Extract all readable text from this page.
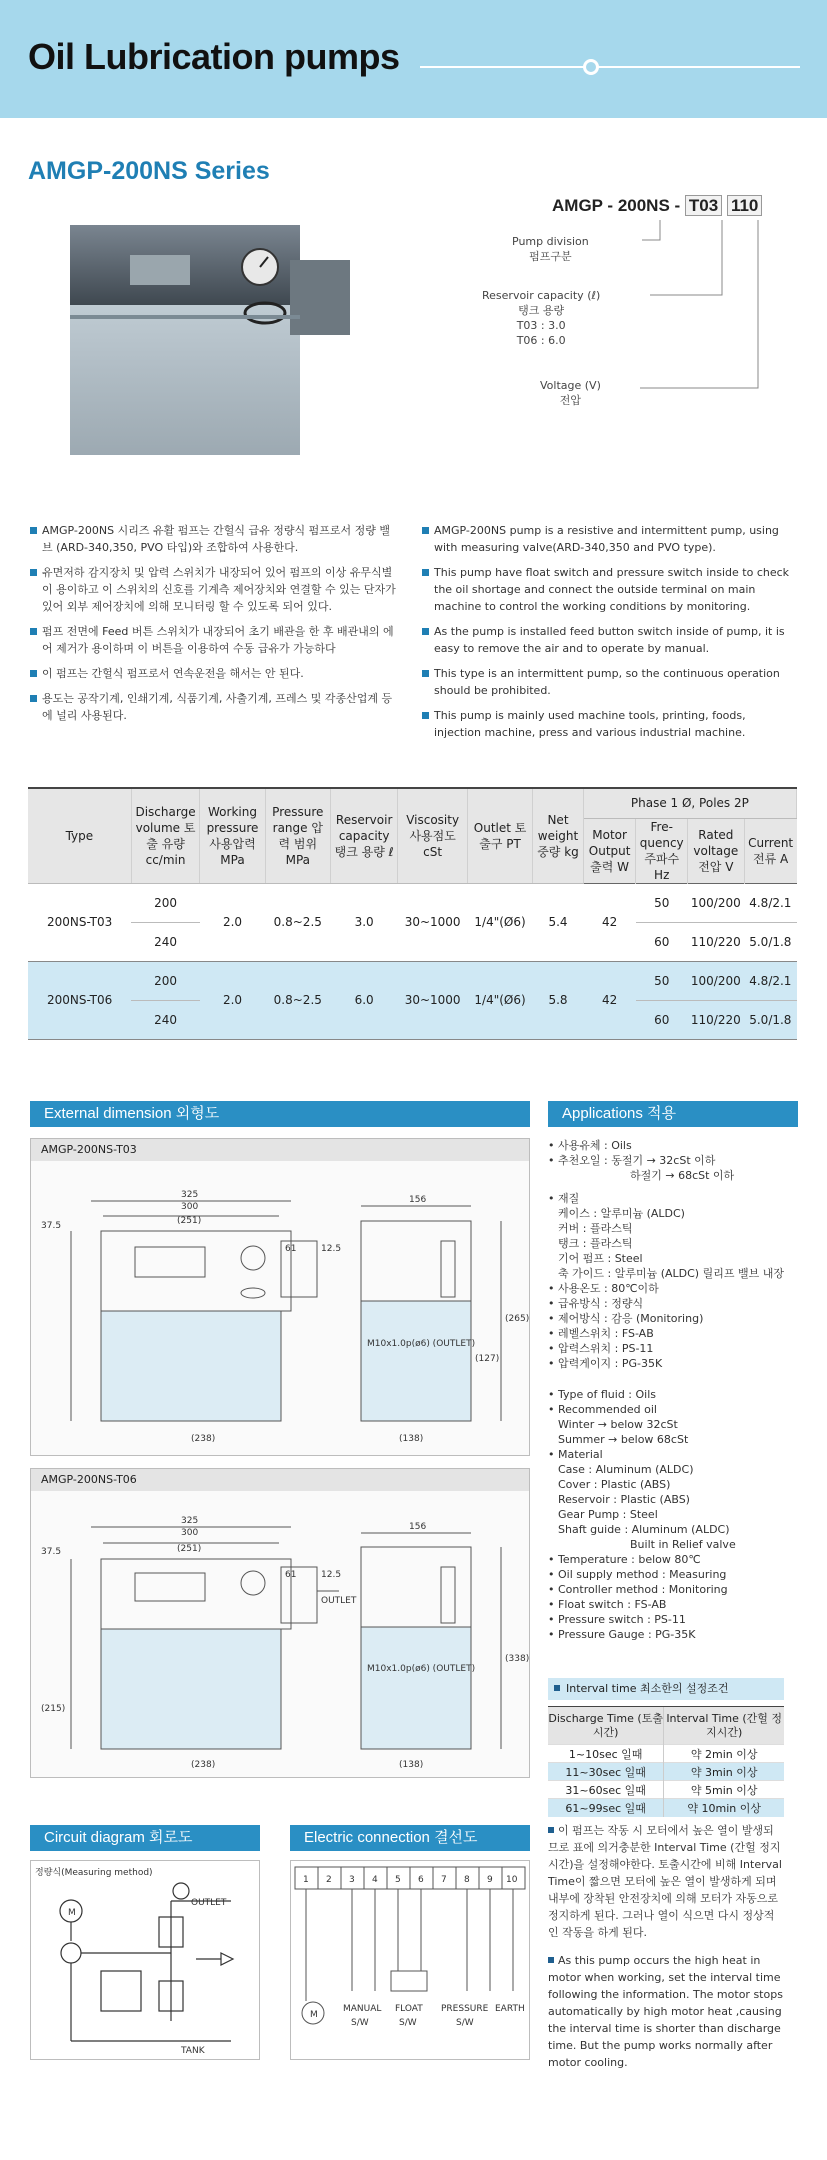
Oil Lubrication pumps
AMGP-200NS Series
AMGP - 200NS - T03 110
Pump division
펌프구분
Reservoir capacity (ℓ)
탱크 용량
T03 : 3.0
T06 : 6.0
Voltage (V)
전압
AMGP-200NS 시리즈 유활 펌프는 간헐식 급유 정량식 펌프로서 정량 밸브 (ARD-340,350, PVO 타입)와 조합하여 사용한다.
유면저하 감지장치 및 압력 스위치가 내장되어 있어 펌프의 이상 유무식별이 용이하고 이 스위치의 신호를 기계측 제어장치와 연결할 수 있는 단자가 있어 외부 제어장치에 의해 모니터링 할 수 있도록 되어 있다.
펌프 전면에 Feed 버튼 스위치가 내장되어 초기 배관을 한 후 배관내의 에어 제거가 용이하며 이 버튼을 이용하여 수동 급유가 가능하다
이 펌프는 간헐식 펌프로서 연속운전을 해서는 안 된다.
용도는 공작기계, 인쇄기계, 식품기계, 사출기계, 프레스 및 각종산업계 등에 널리 사용된다.
AMGP-200NS pump is a resistive and intermittent pump, using with measuring valve(ARD-340,350 and PVO type).
This pump have float switch and pressure switch inside to check the oil shortage and connect the outside terminal on main machine to control the working conditions by monitoring.
As the pump is installed feed button switch inside of pump, it is easy to remove the air and to operate by manual.
This type is an intermittent pump, so the continuous operation should be prohibited.
This pump is mainly used machine tools, printing, foods, injection machine, press and various industrial machine.
Type	Discharge volume 토출 유량 cc/min	Working pressure 사용압력 MPa	Pressure range 압력 범위 MPa	Reservoir capacity 탱크 용량 ℓ	Viscosity 사용점도 cSt	Outlet 토출구 PT	Net weight 중량 kg	Phase 1 Ø, Poles 2P			
								Motor Output 출력 W	Fre- quency 주파수 Hz	Rated voltage 전압 V	Current 전류 A
200NS-T03	200	2.0	0.8~2.5	3.0	30~1000	1/4"(Ø6)	5.4	42	50	100/200	4.8/2.1
	240								60	110/220	5.0/1.8
200NS-T06	200	2.0	0.8~2.5	6.0	30~1000	1/4"(Ø6)	5.8	42	50	100/200	4.8/2.1
	240								60	110/220	5.0/1.8
External dimension 외형도	Applications 적용
AMGP-200NS-T03
325
300
(251)
37.5
61	12.5
(238)
156
(138)
(127)
(265)
M10x1.0p(ø6) (OUTLET)
AMGP-200NS-T06
325
300
(251)
37.5
61	12.5
OUTLET
(238)
(215)
156
(138)
(338)
M10x1.0p(ø6) (OUTLET)
• 사용유체 : Oils
• 추천오일 : 동절기 → 32cSt 이하
하절기 → 68cSt 이하
• 재질
케이스 : 알루미늄 (ALDC)
커버 : 플라스틱
탱크 : 플라스틱
기어 펌프 : Steel
축 가이드 : 알루미늄 (ALDC) 릴리프 밸브 내장
• 사용온도 : 80℃이하
• 급유방식 : 정량식
• 제어방식 : 감응 (Monitoring)
• 레벨스위치 : FS-AB
• 압력스위치 : PS-11
• 압력게이지 : PG-35K
• Type of fluid : Oils
• Recommended oil
Winter → below 32cSt
Summer → below 68cSt
• Material
Case : Aluminum (ALDC)
Cover : Plastic (ABS)
Reservoir : Plastic (ABS)
Gear Pump : Steel
Shaft guide : Aluminum (ALDC)
Built in Relief valve
• Temperature : below 80℃
• Oil supply method : Measuring
• Controller method : Monitoring
• Float switch : FS-AB
• Pressure switch : PS-11
• Pressure Gauge : PG-35K
Interval time 최소한의 설정조건
Discharge Time (토출시간)	Interval Time (간헐 정지시간)
1~10sec 일때	약 2min 이상
11~30sec 일때	약 3min 이상
31~60sec 일때	약 5min 이상
61~99sec 일때	약 10min 이상
Circuit diagram 회로도	Electric connection 결선도
정량식(Measuring method)
M
OUTLET
TANK
1 2 3 4 5 6 7 8 9 10
M
MANUAL
S/W
FLOAT
S/W
PRESSURE
S/W
EARTH
이 펌프는 작동 시 모터에서 높은 열이 발생되므로 표에 의거충분한 Interval Time (간헐 정지시간)을 설정해야한다. 토출시간에 비해 Interval Time이 짧으면 모터에 높은 열이 발생하게 되며 내부에 장착된 안전장치에 의해 모터가 자동으로 정지하게 된다. 그러나 열이 식으면 다시 정상적인 작동을 하게 된다.
As this pump occurs the high heat in motor when working, set the interval time following the information. The motor stops automatically by high motor heat ,causing the interval time is shorter than discharge time. But the pump works normally after motor cooling.
